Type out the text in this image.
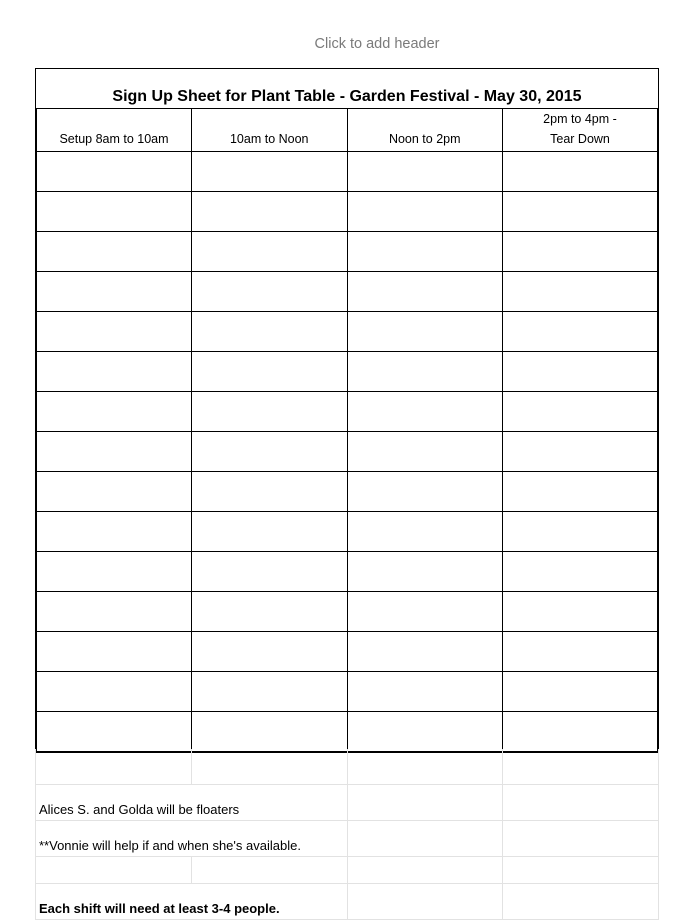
Click to add header
Sign Up Sheet for Plant Table - Garden Festival - May 30, 2015
Setup 8am to 10am	10am to Noon	Noon to 2pm	2pm to 4pm -
Tear Down

Alices S. and Golda will be floaters			
**Vonnie will help if and when she's available.			

Each shift will need at least 3-4 people.			
